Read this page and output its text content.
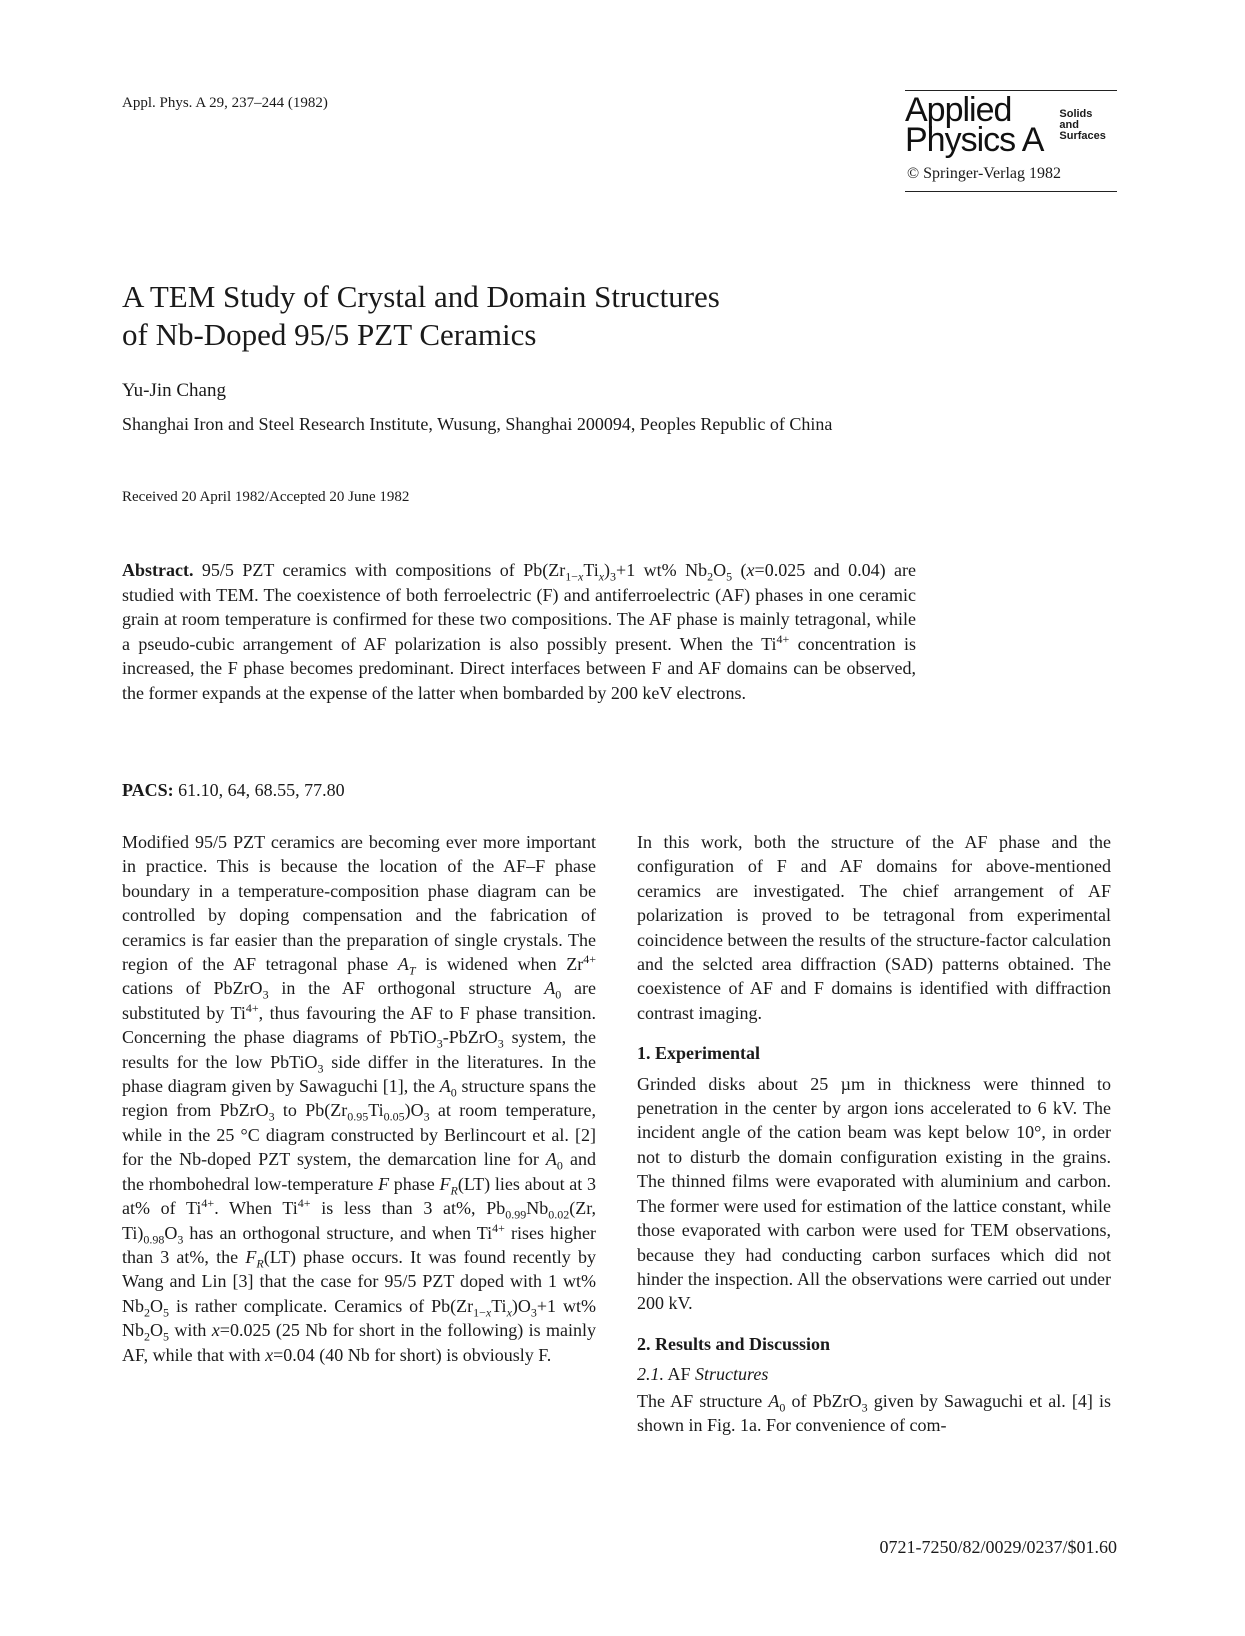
Appl. Phys. A 29, 237–244 (1982)	Applied
Physics A
Solids
and
Surfaces
© Springer-Verlag 1982
A TEM Study of Crystal and Domain Structures
of Nb-Doped 95/5 PZT Ceramics
Yu-Jin Chang
Shanghai Iron and Steel Research Institute, Wusung, Shanghai 200094, Peoples Republic of China
Received 20 April 1982/Accepted 20 June 1982

Abstract. 95/5 PZT ceramics with compositions of $Pb(Zr_{1-x}Ti_x)_3+1$ wt% $Nb_2O_5$ (x=0.025 and 0.04) are studied with TEM. The coexistence of both ferroelectric (F) and antiferroelectric (AF) phases in one ceramic grain at room temperature is confirmed for these two compositions. The AF phase is mainly tetragonal, while a pseudo-cubic arrangement of AF polarization is also possibly present. When the $Ti^{4+}$ concentration is increased, the F phase becomes predominant. Direct interfaces between F and AF domains can be observed, the former expands at the expense of the latter when bombarded by 200 keV electrons.

PACS: 61.10, 64, 68.55, 77.80

Modified 95/5 PZT ceramics are becoming ever more important in practice. This is because the location of the AF–F phase boundary in a temperature-composition phase diagram can be controlled by doping compensation and the fabrication of ceramics is far easier than the preparation of single crystals. The region of the AF tetragonal phase $A_T$ is widened when $Zr^{4+}$ cations of PbZrO$_3$ in the AF orthogonal structure $A_0$ are substituted by $Ti^{4+}$, thus favouring the AF to F phase transition. Concerning the phase diagrams of PbTiO$_3$-PbZrO$_3$ system, the results for the low PbTiO$_3$ side differ in the literatures. In the phase diagram given by Sawaguchi [1], the $A_0$ structure spans the region from PbZrO$_3$ to $Pb(Zr_{0.95}Ti_{0.05})O_3$ at room temperature, while in the 25 °C diagram constructed by Berlincourt et al. [2] for the Nb-doped PZT system, the demarcation line for $A_0$ and the rhombohedral low-temperature F phase $F_R(LT)$ lies about at 3 at% of $Ti^{4+}$. When $Ti^{4+}$ is less than 3 at%, $Pb_{0.99}Nb_{0.02}(Zr$, $Ti)_{0.98}O_3$ has an orthogonal structure, and when $Ti^{4+}$ rises higher than 3 at%, the $F_R(LT)$ phase occurs. It was found recently by Wang and Lin [3] that the case for 95/5 PZT doped with 1 wt% $Nb_2O_5$ is rather complicate. Ceramics of $Pb(Zr_{1-x}Ti_x)O_3+1$ wt% $Nb_2O_5$ with x=0.025 (25 Nb for short in the following) is mainly AF, while that with x=0.04 (40 Nb for short) is obviously F.

In this work, both the structure of the AF phase and the configuration of F and AF domains for above-mentioned ceramics are investigated. The chief arrangement of AF polarization is proved to be tetragonal from experimental coincidence between the results of the structure-factor calculation and the selcted area diffraction (SAD) patterns obtained. The coexistence of AF and F domains is identified with diffraction contrast imaging.

1. Experimental

Grinded disks about 25 µm in thickness were thinned to penetration in the center by argon ions accelerated to 6 kV. The incident angle of the cation beam was kept below 10°, in order not to disturb the domain configuration existing in the grains. The thinned films were evaporated with aluminium and carbon. The former were used for estimation of the lattice constant, while those evaporated with carbon were used for TEM observations, because they had conducting carbon surfaces which did not hinder the inspection. All the observations were carried out under 200 kV.

2. Results and Discussion
2.1. AF Structures

The AF structure $A_0$ of PbZrO$_3$ given by Sawaguchi et al. [4] is shown in Fig. 1a. For convenience of com-

0721-7250/82/0029/0237/$01.60
